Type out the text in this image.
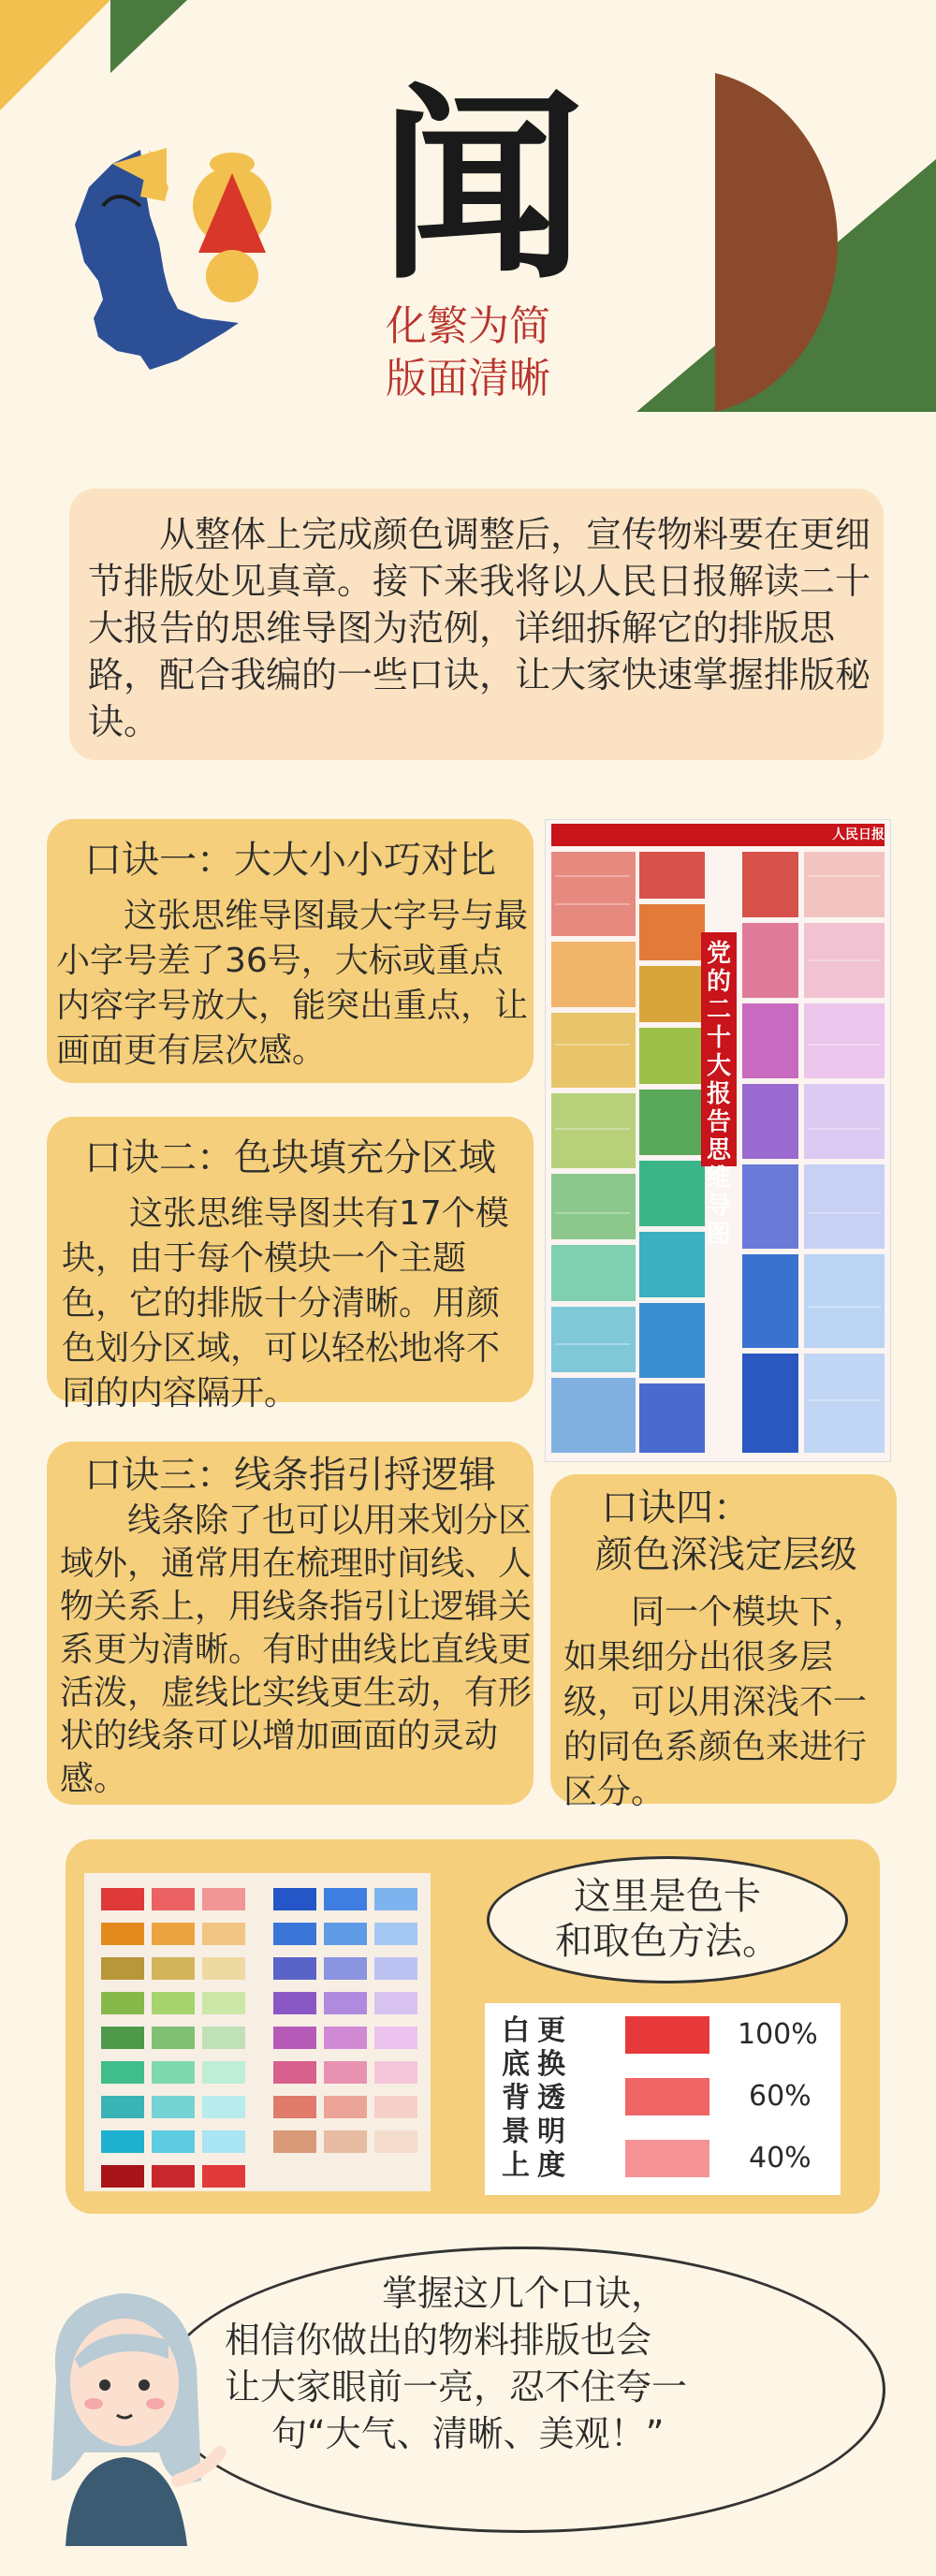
闻
化繁为简
版面清晰
从整体上完成颜色调整后，宣传物料要在更细节排版处见真章。接下来我将以人民日报解读二十大报告的思维导图为范例，详细拆解它的排版思路，配合我编的一些口诀，让大家快速掌握排版秘诀。
口诀一：大大小小巧对比
这张思维导图最大字号与最小字号差了36号，大标或重点内容字号放大，能突出重点，让画面更有层次感。
口诀二：色块填充分区域
这张思维导图共有17个模块，由于每个模块一个主题色，它的排版十分清晰。用颜色划分区域，可以轻松地将不同的内容隔开。
党的二十大报告思维导图
人民日报
口诀三：线条指引捋逻辑
线条除了也可以用来划分区域外，通常用在梳理时间线、人物关系上，用线条指引让逻辑关系更为清晰。有时曲线比直线更活泼，虚线比实线更生动，有形状的线条可以增加画面的灵动感。
口诀四：
颜色深浅定层级
同一个模块下，如果细分出很多层级，可以用深浅不一的同色系颜色来进行区分。
这里是色卡
和取色方法。
白底背景上
更换透明度
100%
60%
40%
掌握这几个口诀，
相信你做出的物料排版也会
让大家眼前一亮，忍不住夸一
句“大气、清晰、美观！”
